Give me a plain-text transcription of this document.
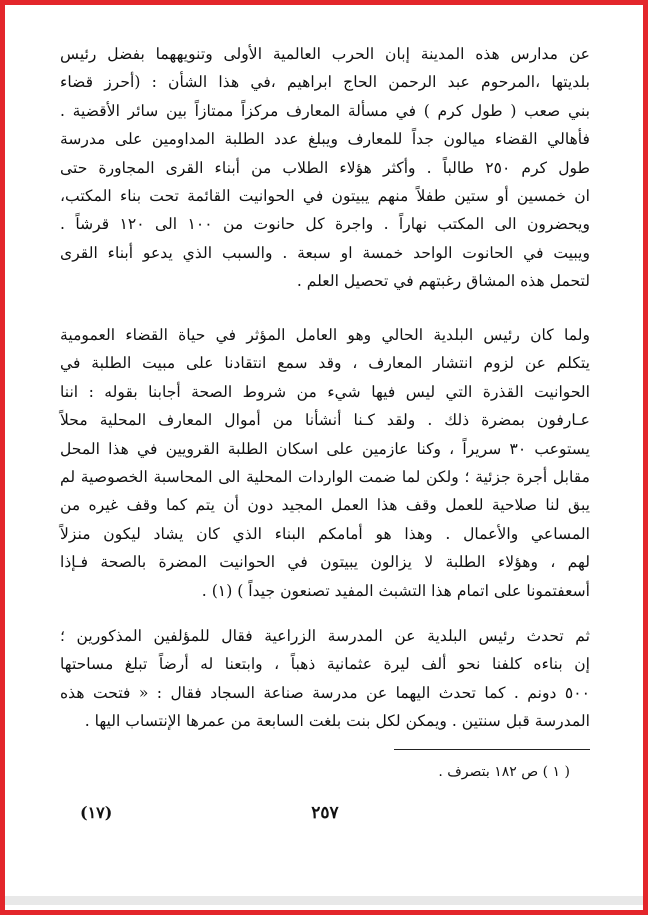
عن مدارس هذه المدينة إبان الحرب العالمية الأولى وتنويههما بفضل رئيس
بلديتها ،المرحوم عبد الرحمن الحاج ابراهيم ،في هذا الشأن : (أحرز قضاء
بني صعب ( طول كرم ) في مسألة المعارف مركزاً ممتازاً بين سائر الأقضية .
فأهالي القضاء ميالون جداً للمعارف ويبلغ عدد الطلبة المداومين على مدرسة
طول كرم ٢٥٠ طالباً . وأكثر هؤلاء الطلاب من أبناء القرى المجاورة حتى
ان خمسين أو ستين طفلاً منهم يبيتون في الحوانيت القائمة تحت بناء المكتب،
ويحضرون الى المكتب نهاراً . واجرة كل حانوت من ١٠٠ الى ١٢٠ قرشاً .
ويبيت في الحانوت الواحد خمسة او سبعة . والسبب الذي يدعو أبناء القرى
لتحمل هذه المشاق رغبتهم في تحصيل العلم .
ولما كان رئيس البلدية الحالي وهو العامل المؤثر في حياة القضاء العمومية
يتكلم عن لزوم انتشار المعارف ، وقد سمع انتقادنا على مبيت الطلبة في
الحوانيت القذرة التي ليس فيها شيء من شروط الصحة أجابنا بقوله : اننا
عـارفون بمضرة ذلك . ولقد كـنا أنشأنا من أموال المعارف المحلية محلاً
يستوعب ٣٠ سريراً ، وكنا عازمين على اسكان الطلبة القرويين في هذا المحل
مقابل أجرة جزئية ؛ ولكن لما ضمت الواردات المحلية الى المحاسبة الخصوصية لم
يبق لنا صلاحية للعمل وقف هذا العمل المجيد دون أن يتم كما وقف غيره من
المساعي والأعمال . وهذا هو أمامكم البناء الذي كان يشاد ليكون منزلاً
لهم ، وهؤلاء الطلبة لا يزالون يبيتون في الحوانيت المضرة بالصحة فـإذا
أسعفتمونا على اتمام هذا التشبث المفيد تصنعون جيداً ) (١) .
ثم تحدث رئيس البلدية عن المدرسة الزراعية فقال للمؤلفين المذكورين ؛
إن بناءه كلفنا نحو ألف ليرة عثمانية ذهباً ، وابتعنا له أرضاً تبلغ مساحتها
٥٠٠ دونم . كما تحدث اليهما عن مدرسة صناعة السجاد فقال : « فتحت هذه
المدرسة قبل سنتين . ويمكن لكل بنت بلغت السابعة من عمرها الإنتساب اليها .
( ١ ) ص ١٨٢ بتصرف .
٢٥٧
(١٧)
